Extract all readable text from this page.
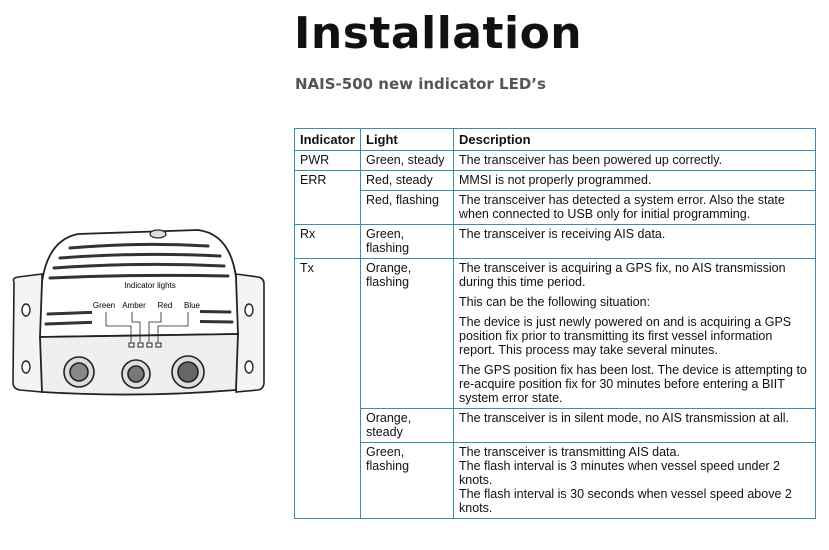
Installation
NAIS-500 new indicator LED’s
Indicator lights
Green Amber Red Blue
Indicator	Light	Description
PWR	Green, steady	The transceiver has been powered up correctly.

ERR	Red, steady	MMSI is not properly programmed.

	Red, flashing	The transceiver has detected a system error. Also the state when connected to USB only for initial programming.

Rx	Green, flashing	The transceiver is receiving AIS data.

Tx	Orange, flashing	The transceiver is acquiring a GPS fix, no AIS transmission during this time period.

This can be the following situation:

The device is just newly powered on and is acquiring a GPS position fix prior to transmitting its first vessel information report. This process may take several minutes.

The GPS position fix has been lost. The device is attempting to re-acquire position fix for 30 minutes before entering a BIIT system error state.

	Orange, steady	The transceiver is in silent mode, no AIS transmission at all.

	Green, flashing	The transceiver is transmitting AIS data.
The flash interval is 3 minutes when vessel speed under 2 knots.
The flash interval is 30 seconds when vessel speed above 2 knots.
